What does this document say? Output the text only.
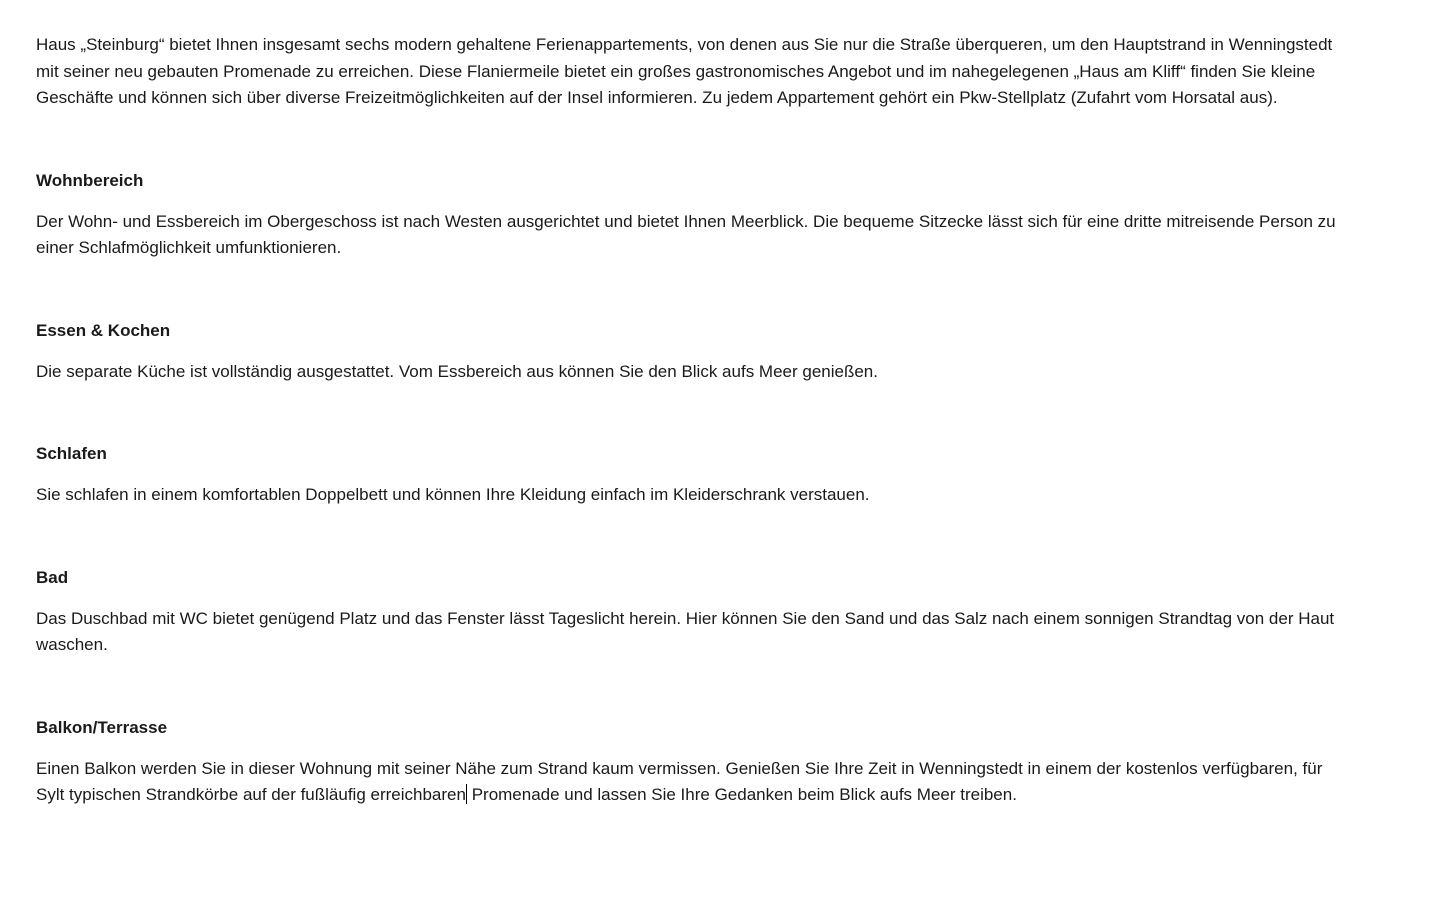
Haus „Steinburg“ bietet Ihnen insgesamt sechs modern gehaltene Ferienappartements, von denen aus Sie nur die Straße überqueren, um den Hauptstrand in Wenningstedt mit seiner neu gebauten Promenade zu erreichen. Diese Flaniermeile bietet ein großes gastronomisches Angebot und im nahegelegenen „Haus am Kliff“ finden Sie kleine Geschäfte und können sich über diverse Freizeitmöglichkeiten auf der Insel informieren. Zu jedem Appartement gehört ein Pkw-Stellplatz (Zufahrt vom Horsatal aus).

Wohnbereich

Der Wohn- und Essbereich im Obergeschoss ist nach Westen ausgerichtet und bietet Ihnen Meerblick. Die bequeme Sitzecke lässt sich für eine dritte mitreisende Person zu einer Schlafmöglichkeit umfunktionieren.

Essen & Kochen

Die separate Küche ist vollständig ausgestattet. Vom Essbereich aus können Sie den Blick aufs Meer genießen.

Schlafen

Sie schlafen in einem komfortablen Doppelbett und können Ihre Kleidung einfach im Kleiderschrank verstauen.

Bad

Das Duschbad mit WC bietet genügend Platz und das Fenster lässt Tageslicht herein. Hier können Sie den Sand und das Salz nach einem sonnigen Strandtag von der Haut waschen.

Balkon/Terrasse

Einen Balkon werden Sie in dieser Wohnung mit seiner Nähe zum Strand kaum vermissen. Genießen Sie Ihre Zeit in Wenningstedt in einem der kostenlos verfügbaren, für Sylt typischen Strandkörbe auf der fußläufig erreichbaren Promenade und lassen Sie Ihre Gedanken beim Blick aufs Meer treiben.
